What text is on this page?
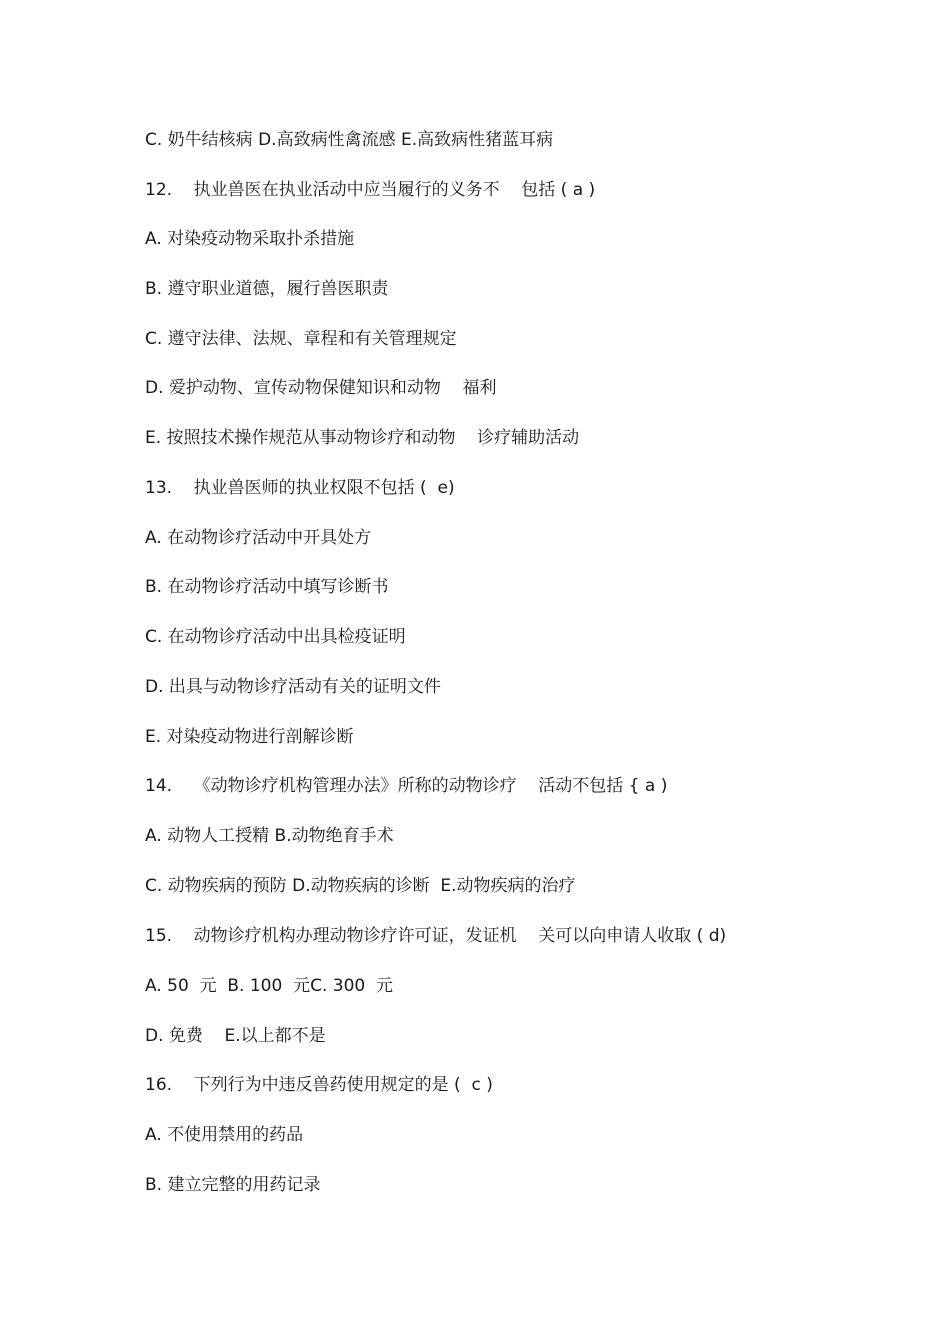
C. 奶牛结核病 D.高致病性禽流感 E.高致病性猪蓝耳病
12.    执业兽医在执业活动中应当履行的义务不    包括 ( a )
A. 对染疫动物采取扑杀措施
B. 遵守职业道德，履行兽医职责
C. 遵守法律、法规、章程和有关管理规定
D. 爱护动物、宣传动物保健知识和动物    福利
E. 按照技术操作规范从事动物诊疗和动物    诊疗辅助活动
13.    执业兽医师的执业权限不包括 (  e)
A. 在动物诊疗活动中开具处方
B. 在动物诊疗活动中填写诊断书
C. 在动物诊疗活动中出具检疫证明
D. 出具与动物诊疗活动有关的证明文件
E. 对染疫动物进行剖解诊断
14.    《动物诊疗机构管理办法》所称的动物诊疗    活动不包括 { a )
A. 动物人工授精 B.动物绝育手术
C. 动物疾病的预防 D.动物疾病的诊断  E.动物疾病的治疗
15.    动物诊疗机构办理动物诊疗许可证，发证机    关可以向申请人收取 ( d)
A. 50  元  B. 100  元C. 300  元
D. 免费    E.以上都不是
16.    下列行为中违反兽药使用规定的是 (  c )
A. 不使用禁用的药品
B. 建立完整的用药记录
